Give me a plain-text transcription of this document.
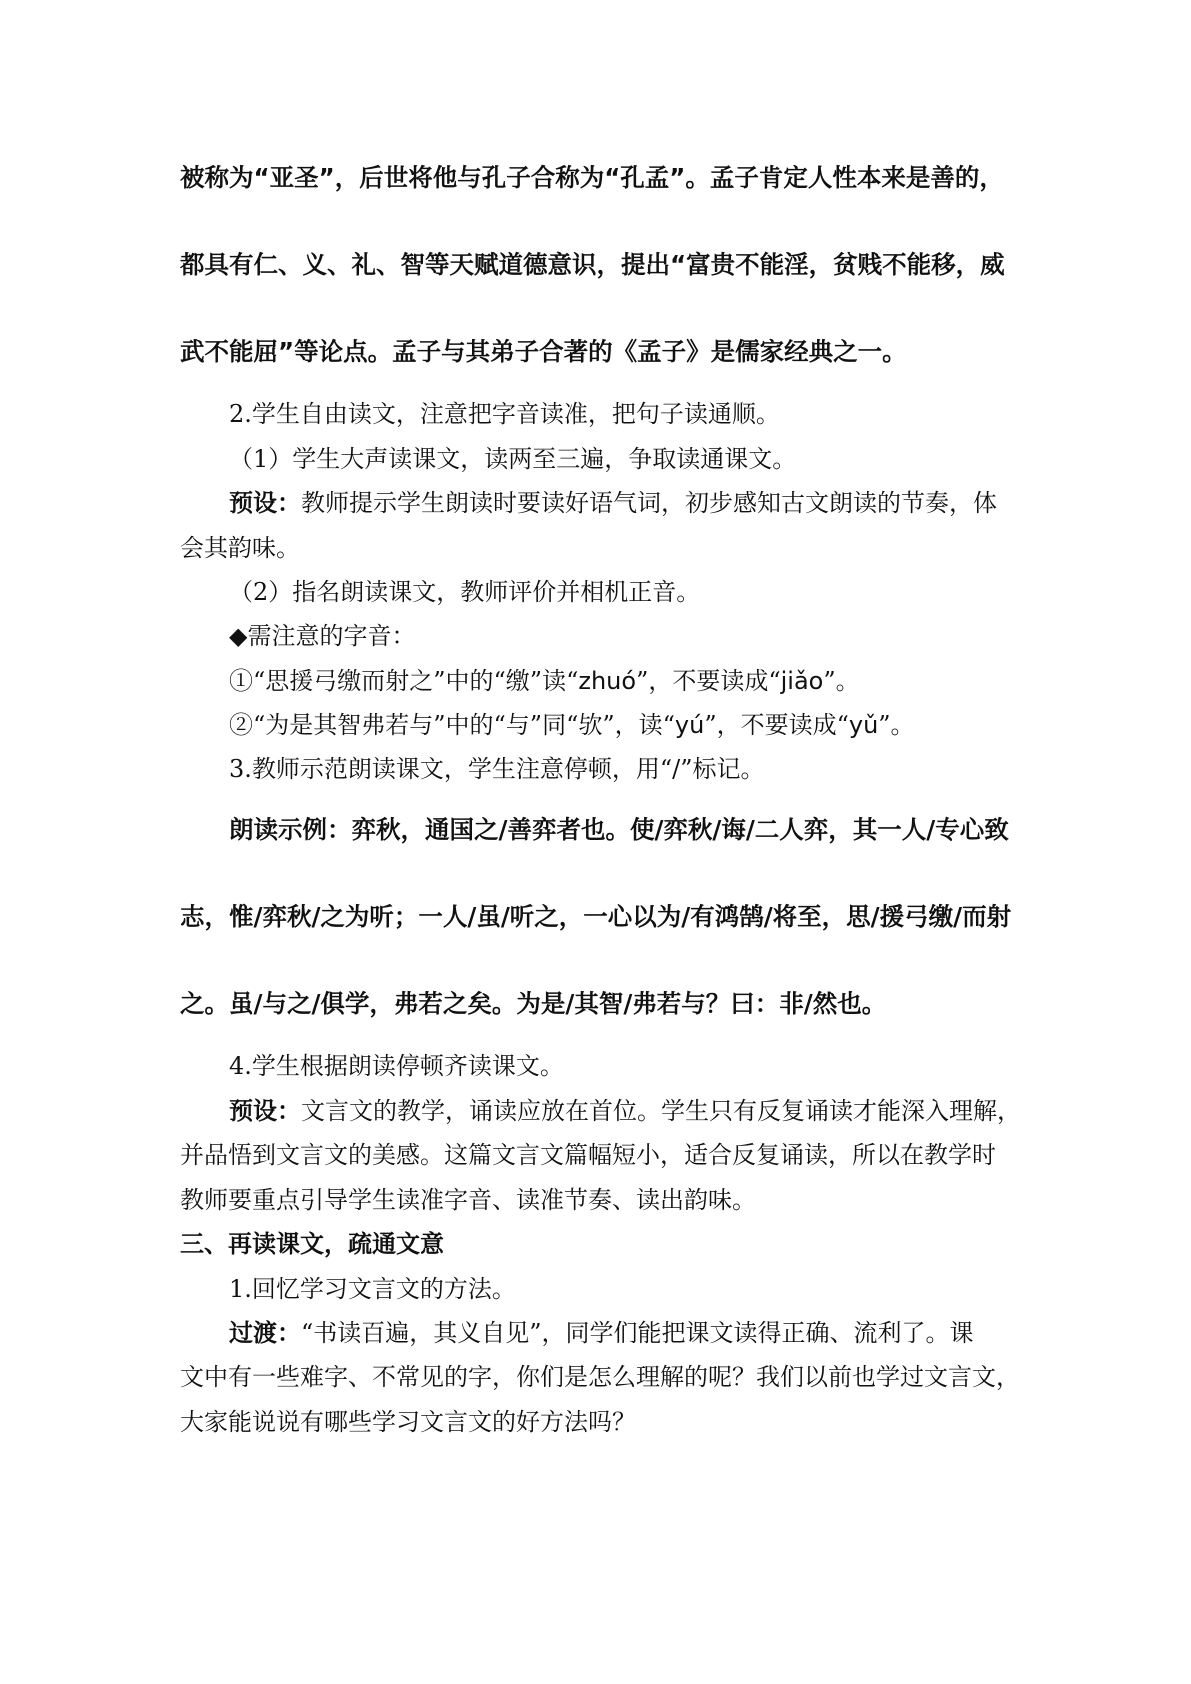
被称为“亚圣”，后世将他与孔子合称为“孔孟”。孟子肯定人性本来是善的，
都具有仁、义、礼、智等天赋道德意识，提出“富贵不能淫，贫贱不能移，威
武不能屈”等论点。孟子与其弟子合著的《孟子》是儒家经典之一。
2.学生自由读文，注意把字音读准，把句子读通顺。
（1）学生大声读课文，读两至三遍，争取读通课文。
预设：教师提示学生朗读时要读好语气词，初步感知古文朗读的节奏，体
会其韵味。
（2）指名朗读课文，教师评价并相机正音。
◆需注意的字音：
①“思援弓缴而射之”中的“缴”读“zhuó”，不要读成“jiǎo”。
②“为是其智弗若与”中的“与”同“欤”，读“yú”，不要读成“yǔ”。
3.教师示范朗读课文，学生注意停顿，用“/”标记。
朗读示例：弈秋，通国之/善弈者也。使/弈秋/诲/二人弈，其一人/专心致
志，惟/弈秋/之为听；一人/虽/听之，一心以为/有鸿鹄/将至，思/援弓缴/而射
之。虽/与之/俱学，弗若之矣。为是/其智/弗若与？曰：非/然也。
4.学生根据朗读停顿齐读课文。
预设：文言文的教学，诵读应放在首位。学生只有反复诵读才能深入理解，
并品悟到文言文的美感。这篇文言文篇幅短小，适合反复诵读，所以在教学时
教师要重点引导学生读准字音、读准节奏、读出韵味。
三、再读课文，疏通文意
1.回忆学习文言文的方法。
过渡：“书读百遍，其义自见”，同学们能把课文读得正确、流利了。课
文中有一些难字、不常见的字，你们是怎么理解的呢？我们以前也学过文言文，
大家能说说有哪些学习文言文的好方法吗？
